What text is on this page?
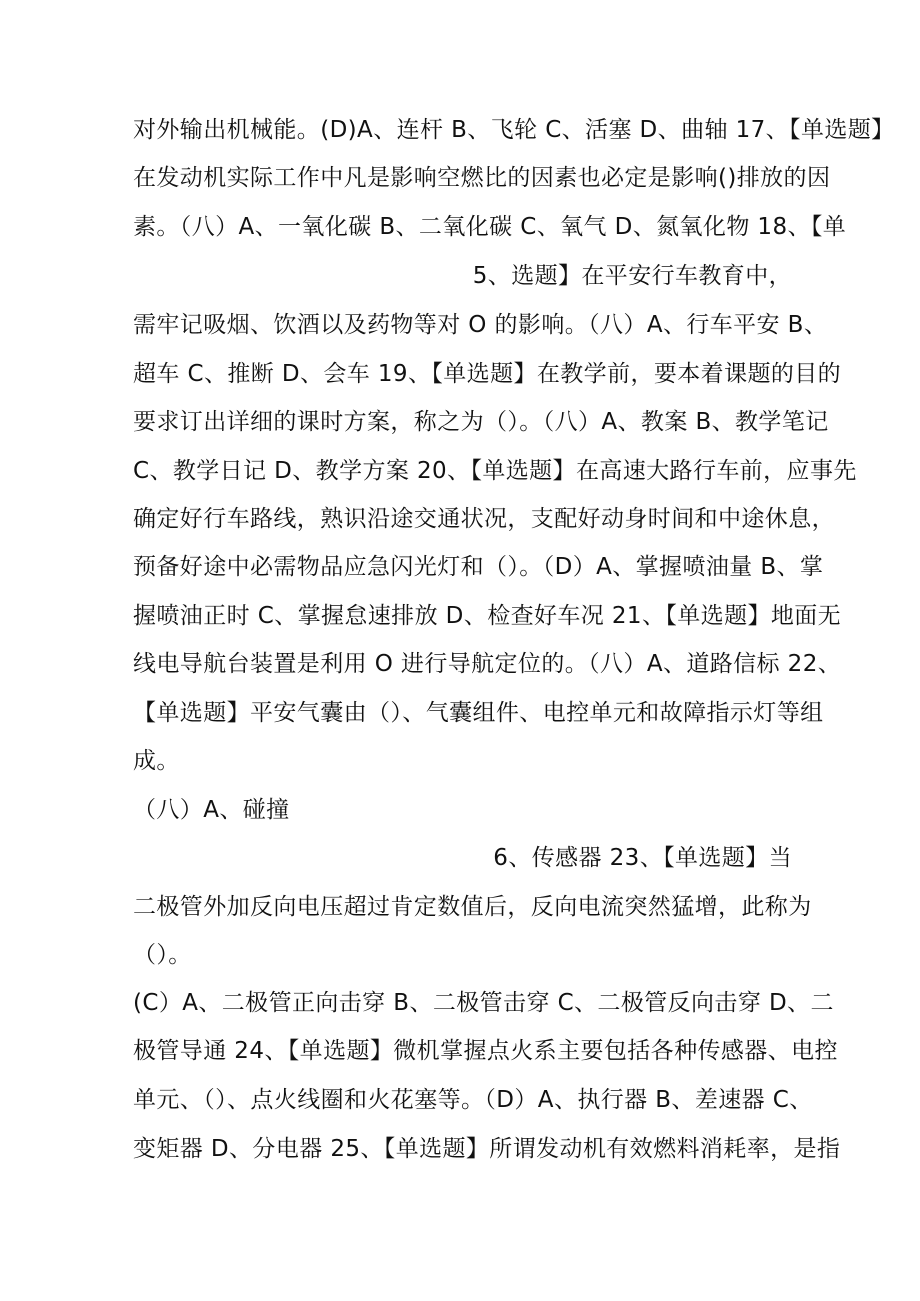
对外输出机械能。(D)A、连杆 B、飞轮 C、活塞 D、曲轴 17、【单选题】
在发动机实际工作中凡是影响空燃比的因素也必定是影响()排放的因
素。（八）A、一氧化碳 B、二氧化碳 C、氧气 D、氮氧化物 18、【单
5、选题】在平安行车教育中，
需牢记吸烟、饮酒以及药物等对 O 的影响。（八）A、行车平安 B、
超车 C、推断 D、会车 19、【单选题】在教学前，要本着课题的目的
要求订出详细的课时方案，称之为（）。（八）A、教案 B、教学笔记
C、教学日记 D、教学方案 20、【单选题】在高速大路行车前，应事先
确定好行车路线，熟识沿途交通状况，支配好动身时间和中途休息，
预备好途中必需物品应急闪光灯和（）。（D）A、掌握喷油量 B、掌
握喷油正时 C、掌握怠速排放 D、检查好车况 21、【单选题】地面无
线电导航台装置是利用 O 进行导航定位的。（八）A、道路信标 22、
【单选题】平安气囊由（）、气囊组件、电控单元和故障指示灯等组
成。
（八）A、碰撞
6、传感器 23、【单选题】当
二极管外加反向电压超过肯定数值后，反向电流突然猛增，此称为
（）。
(C）A、二极管正向击穿 B、二极管击穿 C、二极管反向击穿 D、二
极管导通 24、【单选题】微机掌握点火系主要包括各种传感器、电控
单元、（）、点火线圈和火花塞等。（D）A、执行器 B、差速器 C、
变矩器 D、分电器 25、【单选题】所谓发动机有效燃料消耗率，是指
